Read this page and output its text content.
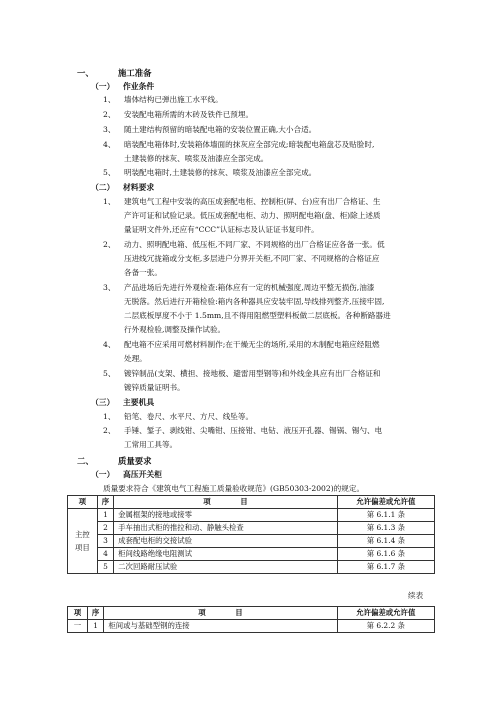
一、	施工准备
（一） 作业条件
1、 墙体结构已弹出施工水平线。
2、 安装配电箱所需的木砖及铁件已预埋。
3、 随土建结构预留的暗装配电箱的安装位置正确,大小合适。
4、 暗装配电箱体时,安装箱体墙面的抹灰应全部完成;暗装配电箱盘芯及贴脸时,
土建装修的抹灰、喷浆及油漆应全部完成。
5、 明装配电箱时,土建装修的抹灰、喷浆及油漆应全部完成。
（二） 材料要求
1、 建筑电气工程中安装的高压成套配电柜、控制柜(屏、台)应有出厂合格证、生
产许可证和试验记录。低压成套配电柜、动力、照明配电箱(盘、柜)除上述质
量证明文件外,还应有“CCC”认证标志及认证证书复印件。
2、 动力、照明配电箱、低压柜,不同厂家、不同规格的出厂合格证应各备一张。低
压进线冗拢箱或分支柜,多层进户分界开关柜,不同厂家、不同规格的合格证应
各备一张。
3、 产品进场后先进行外观检查:箱体应有一定的机械强度,周边平整无损伤,油漆
无脱落。然后进行开箱检验:箱内各种器具应安装牢固,导线排列整齐,压接牢固,
二层底板厚度不小于 1.5mm,且不得用阻燃型塑料板做二层底板。各种断路器进
行外观检验,调整及操作试验。
4、 配电箱不应采用可燃材料制作;在干燥无尘的场所,采用的木制配电箱应经阻燃
处理。
5、 镀锌制品(支架、横担、接地极、避雷用型钢等)和外线金具应有出厂合格证和
镀锌质量证明书。
（三） 主要机具
1、 铅笔、卷尺、水平尺、方尺、线坠等。
2、 手锤、錾子、剥线钳、尖嘴钳、压接钳、电钻、液压开孔器、锡锅、锡勺、电
工常用工具等。
二、	质量要求
（一） 高压开关柜
质量要求符合《建筑电气工程施工质量验收规范》(GB50303-2002)的规定。
项	序	项　　　　目	允许偏差或允许值
主控项目	1	金属框架的接地或接零	第 6.1.1 条
	2	手车抽出式柜的推拉和动、静触头检查	第 6.1.3 条
	3	成套配电柜的交接试验	第 6.1.4 条
	4	柜间线路绝缘电阻测试	第 6.1.6 条
	5	二次回路耐压试验	第 6.1.7 条
续表
项	序	项　　　　目	允许偏差或允许值
一	1	柜间或与基础型钢的连接	第 6.2.2 条
